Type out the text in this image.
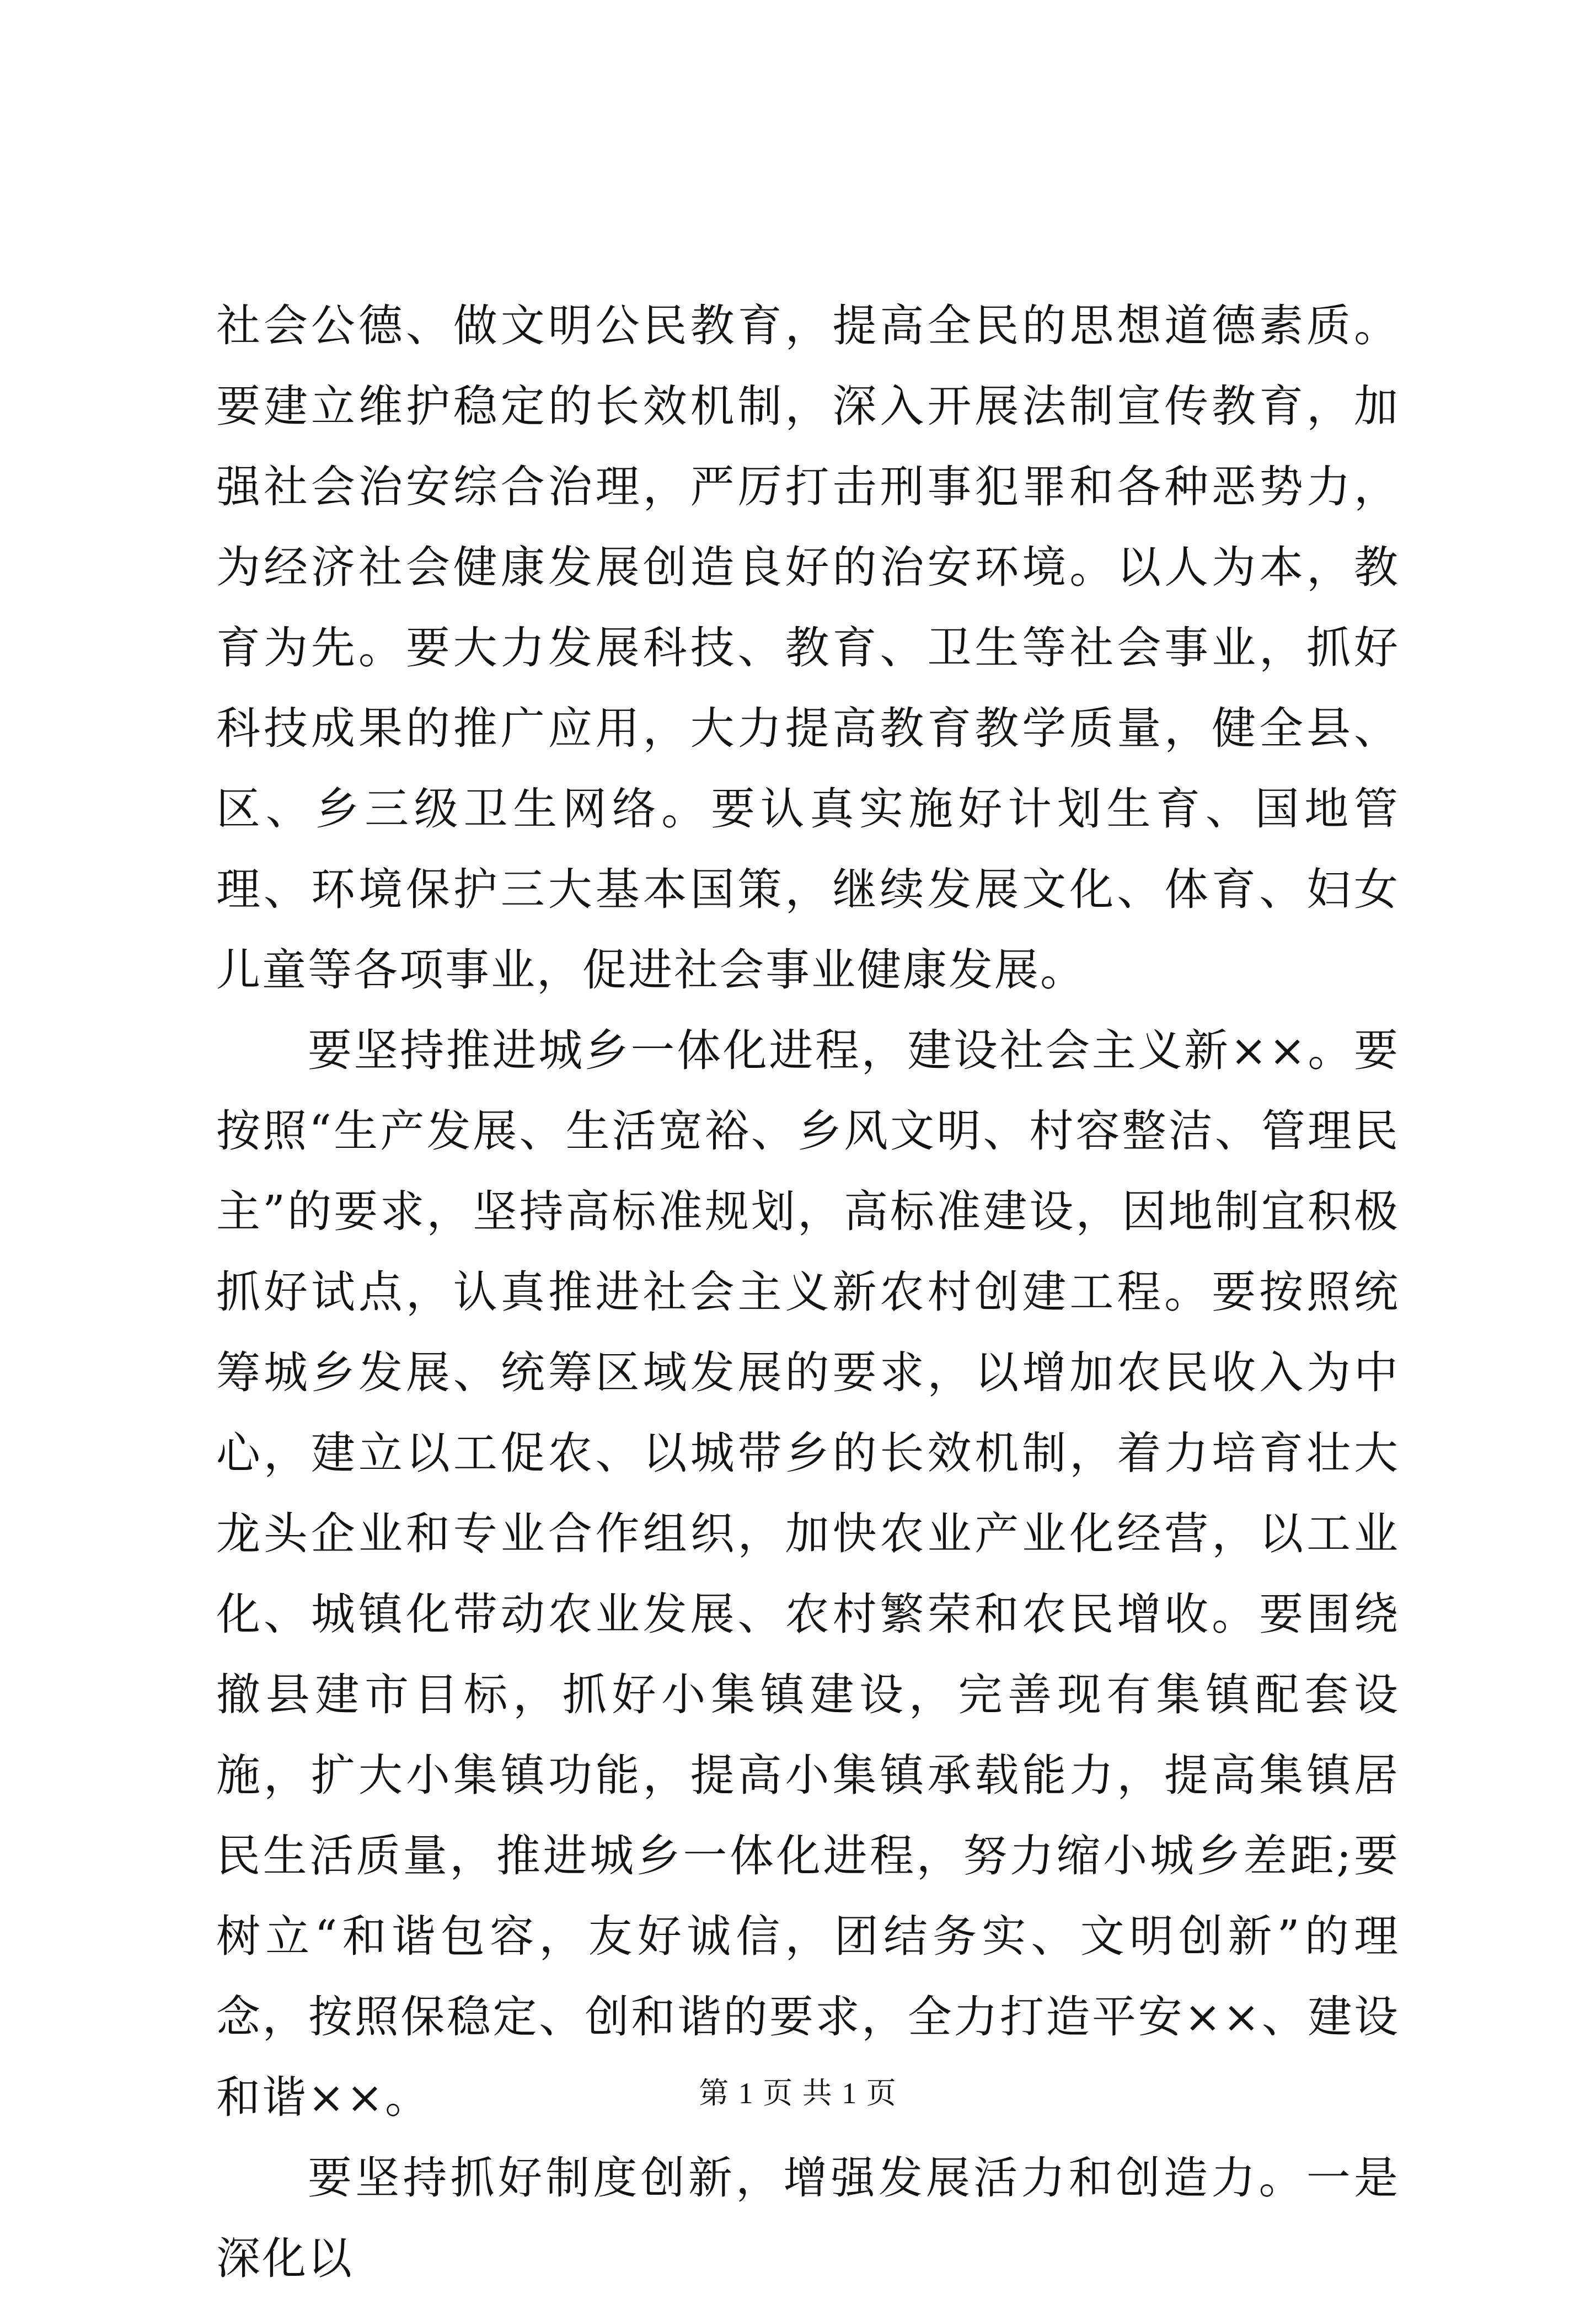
社会公德、做文明公民教育，提高全民的思想道德素质。要建立维护稳定的长效机制，深入开展法制宣传教育，加强社会治安综合治理，严厉打击刑事犯罪和各种恶势力，为经济社会健康发展创造良好的治安环境。以人为本，教育为先。要大力发展科技、教育、卫生等社会事业，抓好科技成果的推广应用，大力提高教育教学质量，健全县、区、乡三级卫生网络。要认真实施好计划生育、国地管理、环境保护三大基本国策，继续发展文化、体育、妇女儿童等各项事业，促进社会事业健康发展。

要坚持推进城乡一体化进程，建设社会主义新××。要按照“生产发展、生活宽裕、乡风文明、村容整洁、管理民主”的要求，坚持高标准规划，高标准建设，因地制宜积极抓好试点，认真推进社会主义新农村创建工程。要按照统筹城乡发展、统筹区域发展的要求，以增加农民收入为中心，建立以工促农、以城带乡的长效机制，着力培育壮大龙头企业和专业合作组织，加快农业产业化经营，以工业化、城镇化带动农业发展、农村繁荣和农民增收。要围绕撤县建市目标，抓好小集镇建设，完善现有集镇配套设施，扩大小集镇功能，提高小集镇承载能力，提高集镇居民生活质量，推进城乡一体化进程，努力缩小城乡差距;要树立“和谐包容，友好诚信，团结务实、文明创新”的理念，按照保稳定、创和谐的要求，全力打造平安××、建设和谐××。

要坚持抓好制度创新，增强发展活力和创造力。一是深化以

第 1 页 共 1 页
